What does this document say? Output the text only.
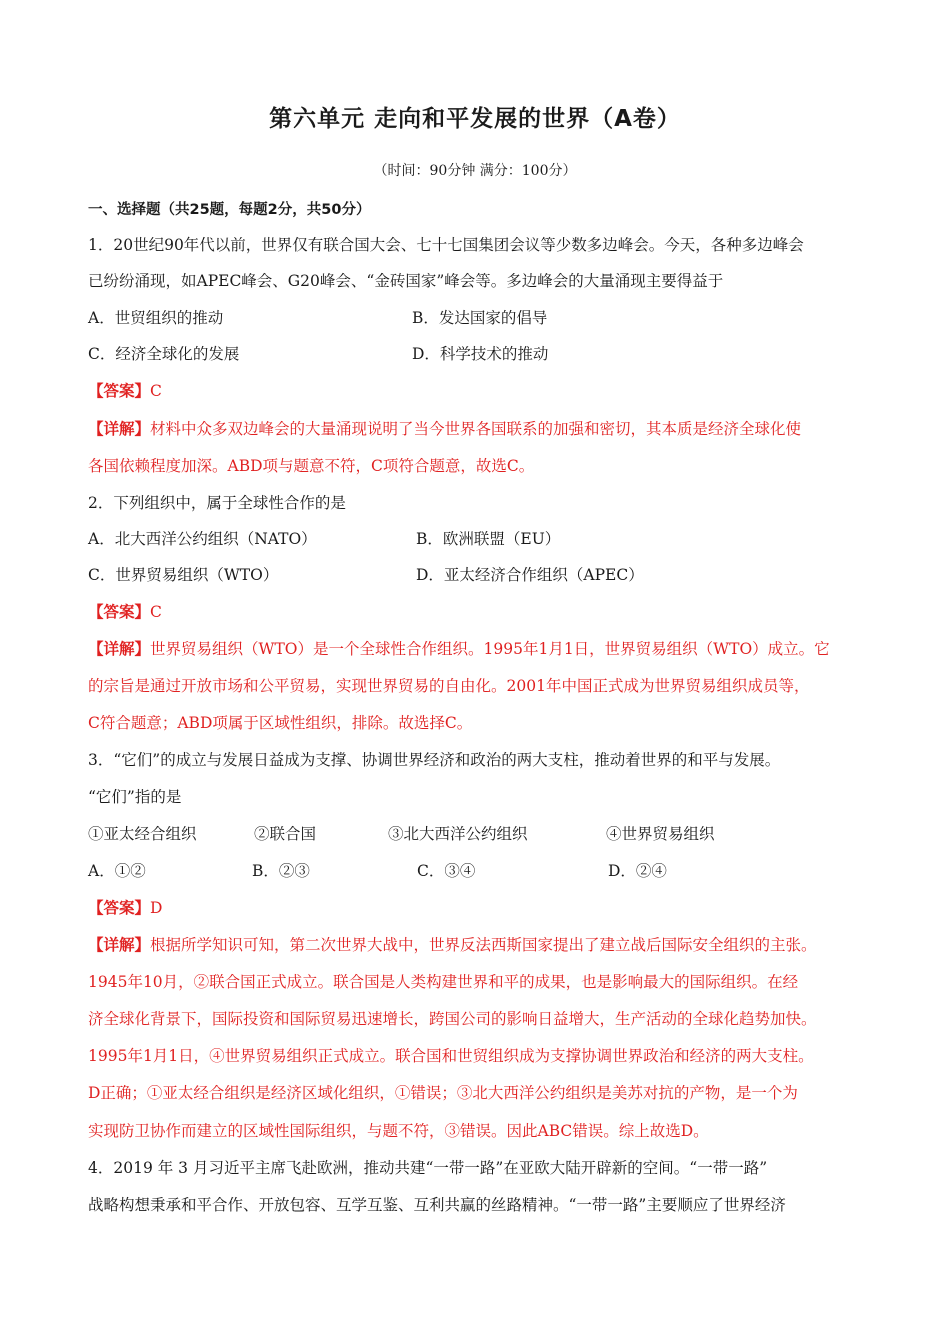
第六单元 走向和平发展的世界（A卷）
（时间：90分钟 满分：100分）
一、选择题（共25题，每题2分，共50分）
1．20世纪90年代以前，世界仅有联合国大会、七十七国集团会议等少数多边峰会。今天，各种多边峰会
已纷纷涌现，如APEC峰会、G20峰会、“金砖国家”峰会等。多边峰会的大量涌现主要得益于
A．世贸组织的推动	B．发达国家的倡导
C．经济全球化的发展	D．科学技术的推动
【答案】C
【详解】材料中众多双边峰会的大量涌现说明了当今世界各国联系的加强和密切，其本质是经济全球化使
各国依赖程度加深。ABD项与题意不符，C项符合题意，故选C。
2．下列组织中，属于全球性合作的是
A．北大西洋公约组织（NATO）	B．欧洲联盟（EU）
C．世界贸易组织（WTO）	D．亚太经济合作组织（APEC）
【答案】C
【详解】世界贸易组织（WTO）是一个全球性合作组织。1995年1月1日，世界贸易组织（WTO）成立。它
的宗旨是通过开放市场和公平贸易，实现世界贸易的自由化。2001年中国正式成为世界贸易组织成员等，
C符合题意；ABD项属于区域性组织，排除。故选择C。
3．“它们”的成立与发展日益成为支撑、协调世界经济和政治的两大支柱，推动着世界的和平与发展。
“它们”指的是
①亚太经合组织	②联合国	③北大西洋公约组织	④世界贸易组织
A．①②	B．②③	C．③④	D．②④
【答案】D
【详解】根据所学知识可知，第二次世界大战中，世界反法西斯国家提出了建立战后国际安全组织的主张。
1945年10月，②联合国正式成立。联合国是人类构建世界和平的成果，也是影响最大的国际组织。在经
济全球化背景下，国际投资和国际贸易迅速增长，跨国公司的影响日益增大，生产活动的全球化趋势加快。
1995年1月1日，④世界贸易组织正式成立。联合国和世贸组织成为支撑协调世界政治和经济的两大支柱。
D正确；①亚太经合组织是经济区域化组织，①错误；③北大西洋公约组织是美苏对抗的产物，是一个为
实现防卫协作而建立的区域性国际组织，与题不符，③错误。因此ABC错误。综上故选D。
4．2019 年 3 月习近平主席飞赴欧洲，推动共建“一带一路”在亚欧大陆开辟新的空间。“一带一路”
战略构想秉承和平合作、开放包容、互学互鉴、互利共赢的丝路精神。“一带一路”主要顺应了世界经济
